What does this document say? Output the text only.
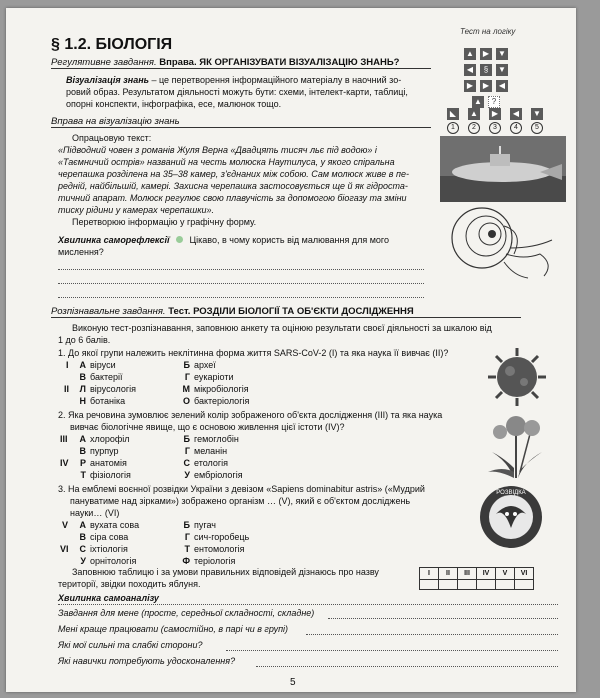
§ 1.2. БІОЛОГІЯ
Тест на логіку
▲	▶	▼
◀	§	▼
▶	▶	◀
▲	?
◣	▲	▶	◀	▼
1	2	3	4	5
Регулятивне завдання. Вправа. ЯК ОРГАНІЗУВАТИ ВІЗУАЛІЗАЦІЮ ЗНАНЬ?
Візуалізація знань – це перетворення інформаційного матеріалу в наочний зо-
ровий образ. Результатом діяльності можуть бути: схеми, інтелект-карти, таблиці,
опорні конспекти, інфографіка, есе, малюнок тощо.
Вправа на візуалізацію знань
Опрацьовую текст:
«Підводний човен з романів Жуля Верна «Двадцять тисяч льє під водою» і
«Таємничий острів» названий на честь молюска Наутилуса, у якого спіральна
черепашка розділена на 35–38 камер, з'єднаних між собою. Сам молюск живе в пе-
редній, найбільшій, камері. Захисна черепашка застосовується ще й як гідроста-
тичний апарат. Молюск регулює свою плавучість за допомогою біогазу та зміни
тиску рідини у камерах черепашки».
Перетворюю інформацію у графічну форму.
Хвилинка саморефлексії Цікаво, в чому користь від малювання для мого
мислення?
Розпізнавальне завдання. Тест. РОЗДІЛИ БІОЛОГІЇ ТА ОБ'ЄКТИ ДОСЛІДЖЕННЯ
Виконую тест-розпізнавання, заповнюю анкету та оцінюю результати своєї діяльності за шкалою від
1 до 6 балів.
1. До якої групи належить неклітинна форма життя SARS-CoV-2 (I) та яка наука її вивчає (II)?
I	А віруси	Б археї
В бактерії	Г еукаріоти
II	Л вірусологія	М мікробіологія
Н ботаніка	О бактеріологія
2. Яка речовина зумовлює зелений колір зображеного об'єкта дослідження (III) та яка наука
вивчає біологічне явище, що є основою живлення цієї істоти (IV)?
III	А хлорофіл	Б гемоглобін
В пурпур	Г меланін
IV	Р анатомія	С етологія
Т фізіологія	У ембріологія
3. На емблемі воєнної розвідки України з девізом «Sapiens dominabitur astris» («Мудрий
пануватиме над зірками») зображено організм … (V), який є об'єктом досліджень
науки… (VI)
V	А вухата сова	Б пугач
В сіра сова	Г сич-горобець
VI	С іхтіологія	Т ентомологія
У орнітологія	Ф теріологія
РОЗВІДКА
Заповнюю таблицю і за умови правильних відповідей дізнаюсь про назву
території, звідки походить яблуня.
I	II	III	IV	V	VI

Хвилинка самоаналізу
Завдання для мене (просте, середньої складності, складне)
Мені краще працювати (самостійно, в парі чи в групі)
Які мої сильні та слабкі сторони?
Які навички потребують удосконалення?
5
